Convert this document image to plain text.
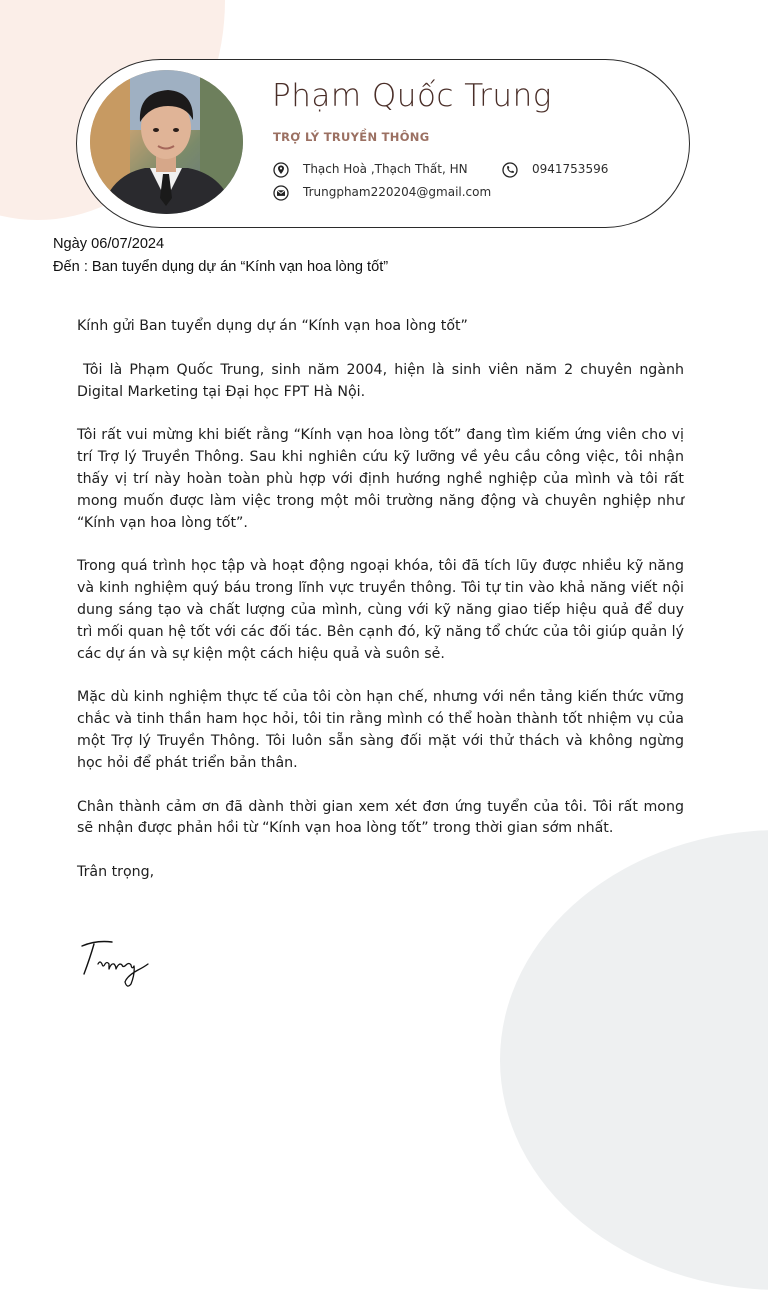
Phạm Quốc Trung
TRỢ LÝ TRUYỀN THÔNG
Thạch Hoà ,Thạch Thất, HN	0941753596
Trungpham220204@gmail.com
Ngày 06/07/2024
Đến : Ban tuyển dụng dự án “Kính vạn hoa lòng tốt”

Kính gửi Ban tuyển dụng dự án “Kính vạn hoa lòng tốt”

Tôi là Phạm Quốc Trung, sinh năm 2004, hiện là sinh viên năm 2 chuyên ngành Digital Marketing tại Đại học FPT Hà Nội.

Tôi rất vui mừng khi biết rằng “Kính vạn hoa lòng tốt” đang tìm kiếm ứng viên cho vị trí Trợ lý Truyền Thông. Sau khi nghiên cứu kỹ lưỡng về yêu cầu công việc, tôi nhận thấy vị trí này hoàn toàn phù hợp với định hướng nghề nghiệp của mình và tôi rất mong muốn được làm việc trong một môi trường năng động và chuyên nghiệp như “Kính vạn hoa lòng tốt”.

Trong quá trình học tập và hoạt động ngoại khóa, tôi đã tích lũy được nhiều kỹ năng và kinh nghiệm quý báu trong lĩnh vực truyền thông. Tôi tự tin vào khả năng viết nội dung sáng tạo và chất lượng của mình, cùng với kỹ năng giao tiếp hiệu quả để duy trì mối quan hệ tốt với các đối tác. Bên cạnh đó, kỹ năng tổ chức của tôi giúp quản lý các dự án và sự kiện một cách hiệu quả và suôn sẻ.

Mặc dù kinh nghiệm thực tế của tôi còn hạn chế, nhưng với nền tảng kiến thức vững chắc và tinh thần ham học hỏi, tôi tin rằng mình có thể hoàn thành tốt nhiệm vụ của một Trợ lý Truyền Thông. Tôi luôn sẵn sàng đối mặt với thử thách và không ngừng học hỏi để phát triển bản thân.

Chân thành cảm ơn đã dành thời gian xem xét đơn ứng tuyển của tôi. Tôi rất mong sẽ nhận được phản hồi từ “Kính vạn hoa lòng tốt” trong thời gian sớm nhất.

Trân trọng,
